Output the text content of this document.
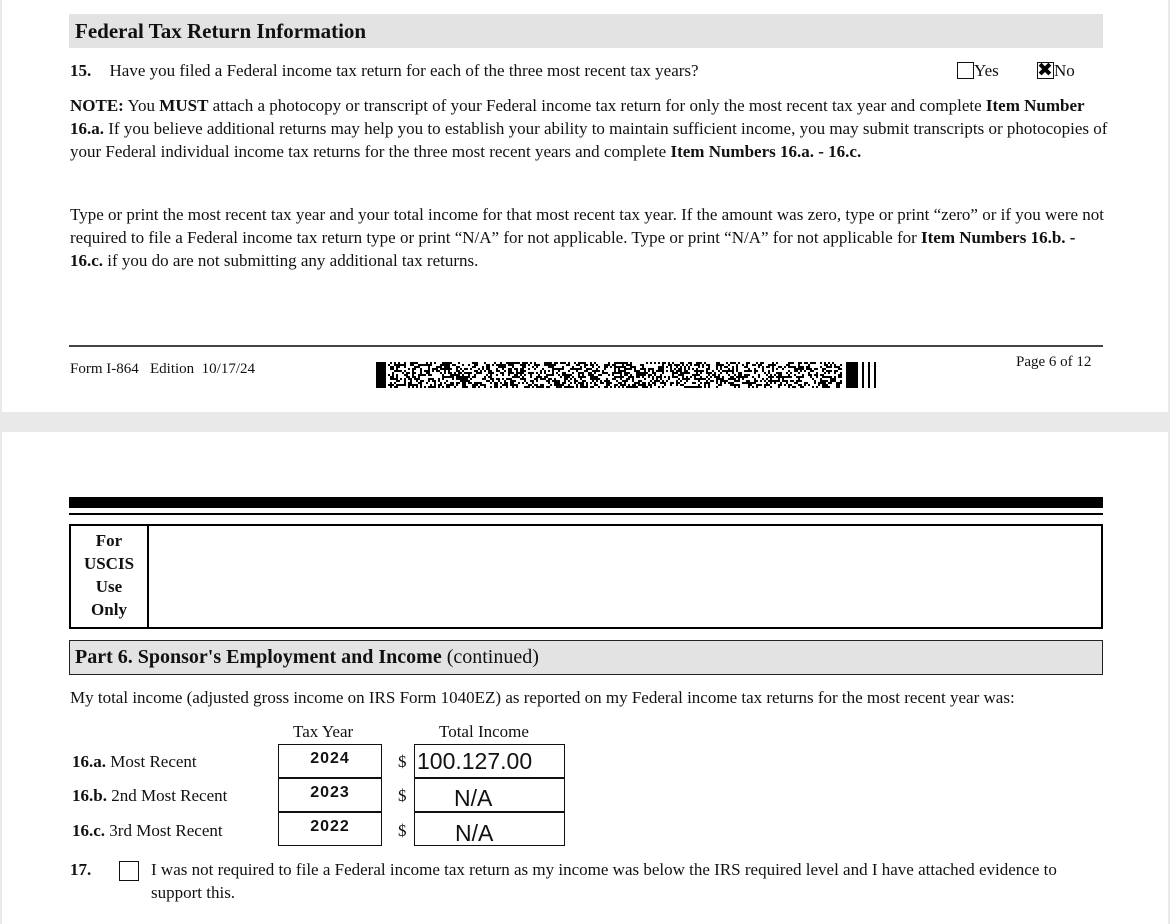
Federal Tax Return Information
15. Have you filed a Federal income tax return for each of the three most recent tax years?	Yes
✖	No
NOTE: You MUST attach a photocopy or transcript of your Federal income tax return for only the most recent tax year and complete Item Number 16.a. If you believe additional returns may help you to establish your ability to maintain sufficient income, you may submit transcripts or photocopies of your Federal individual income tax returns for the three most recent years and complete Item Numbers 16.a. - 16.c.
Type or print the most recent tax year and your total income for that most recent tax year. If the amount was zero, type or print “zero” or if you were not required to file a Federal income tax return type or print “N/A” for not applicable. Type or print “N/A” for not applicable for Item Numbers 16.b. - 16.c. if you do are not submitting any additional tax returns.
Form I-864 Edition 10/17/24	Page 6 of 12
For
USCIS
Use
Only
Part 6. Sponsor's Employment and Income (continued)
My total income (adjusted gross income on IRS Form 1040EZ) as reported on my Federal income tax returns for the most recent year was:
Tax Year	Total Income
16.a. Most Recent	2024	$ 100.127.00
16.b. 2nd Most Recent	2023	$	N/A
16.c. 3rd Most Recent	2022	$	N/A
17.	I was not required to file a Federal income tax return as my income was below the IRS required level and I have attached evidence to support this.
